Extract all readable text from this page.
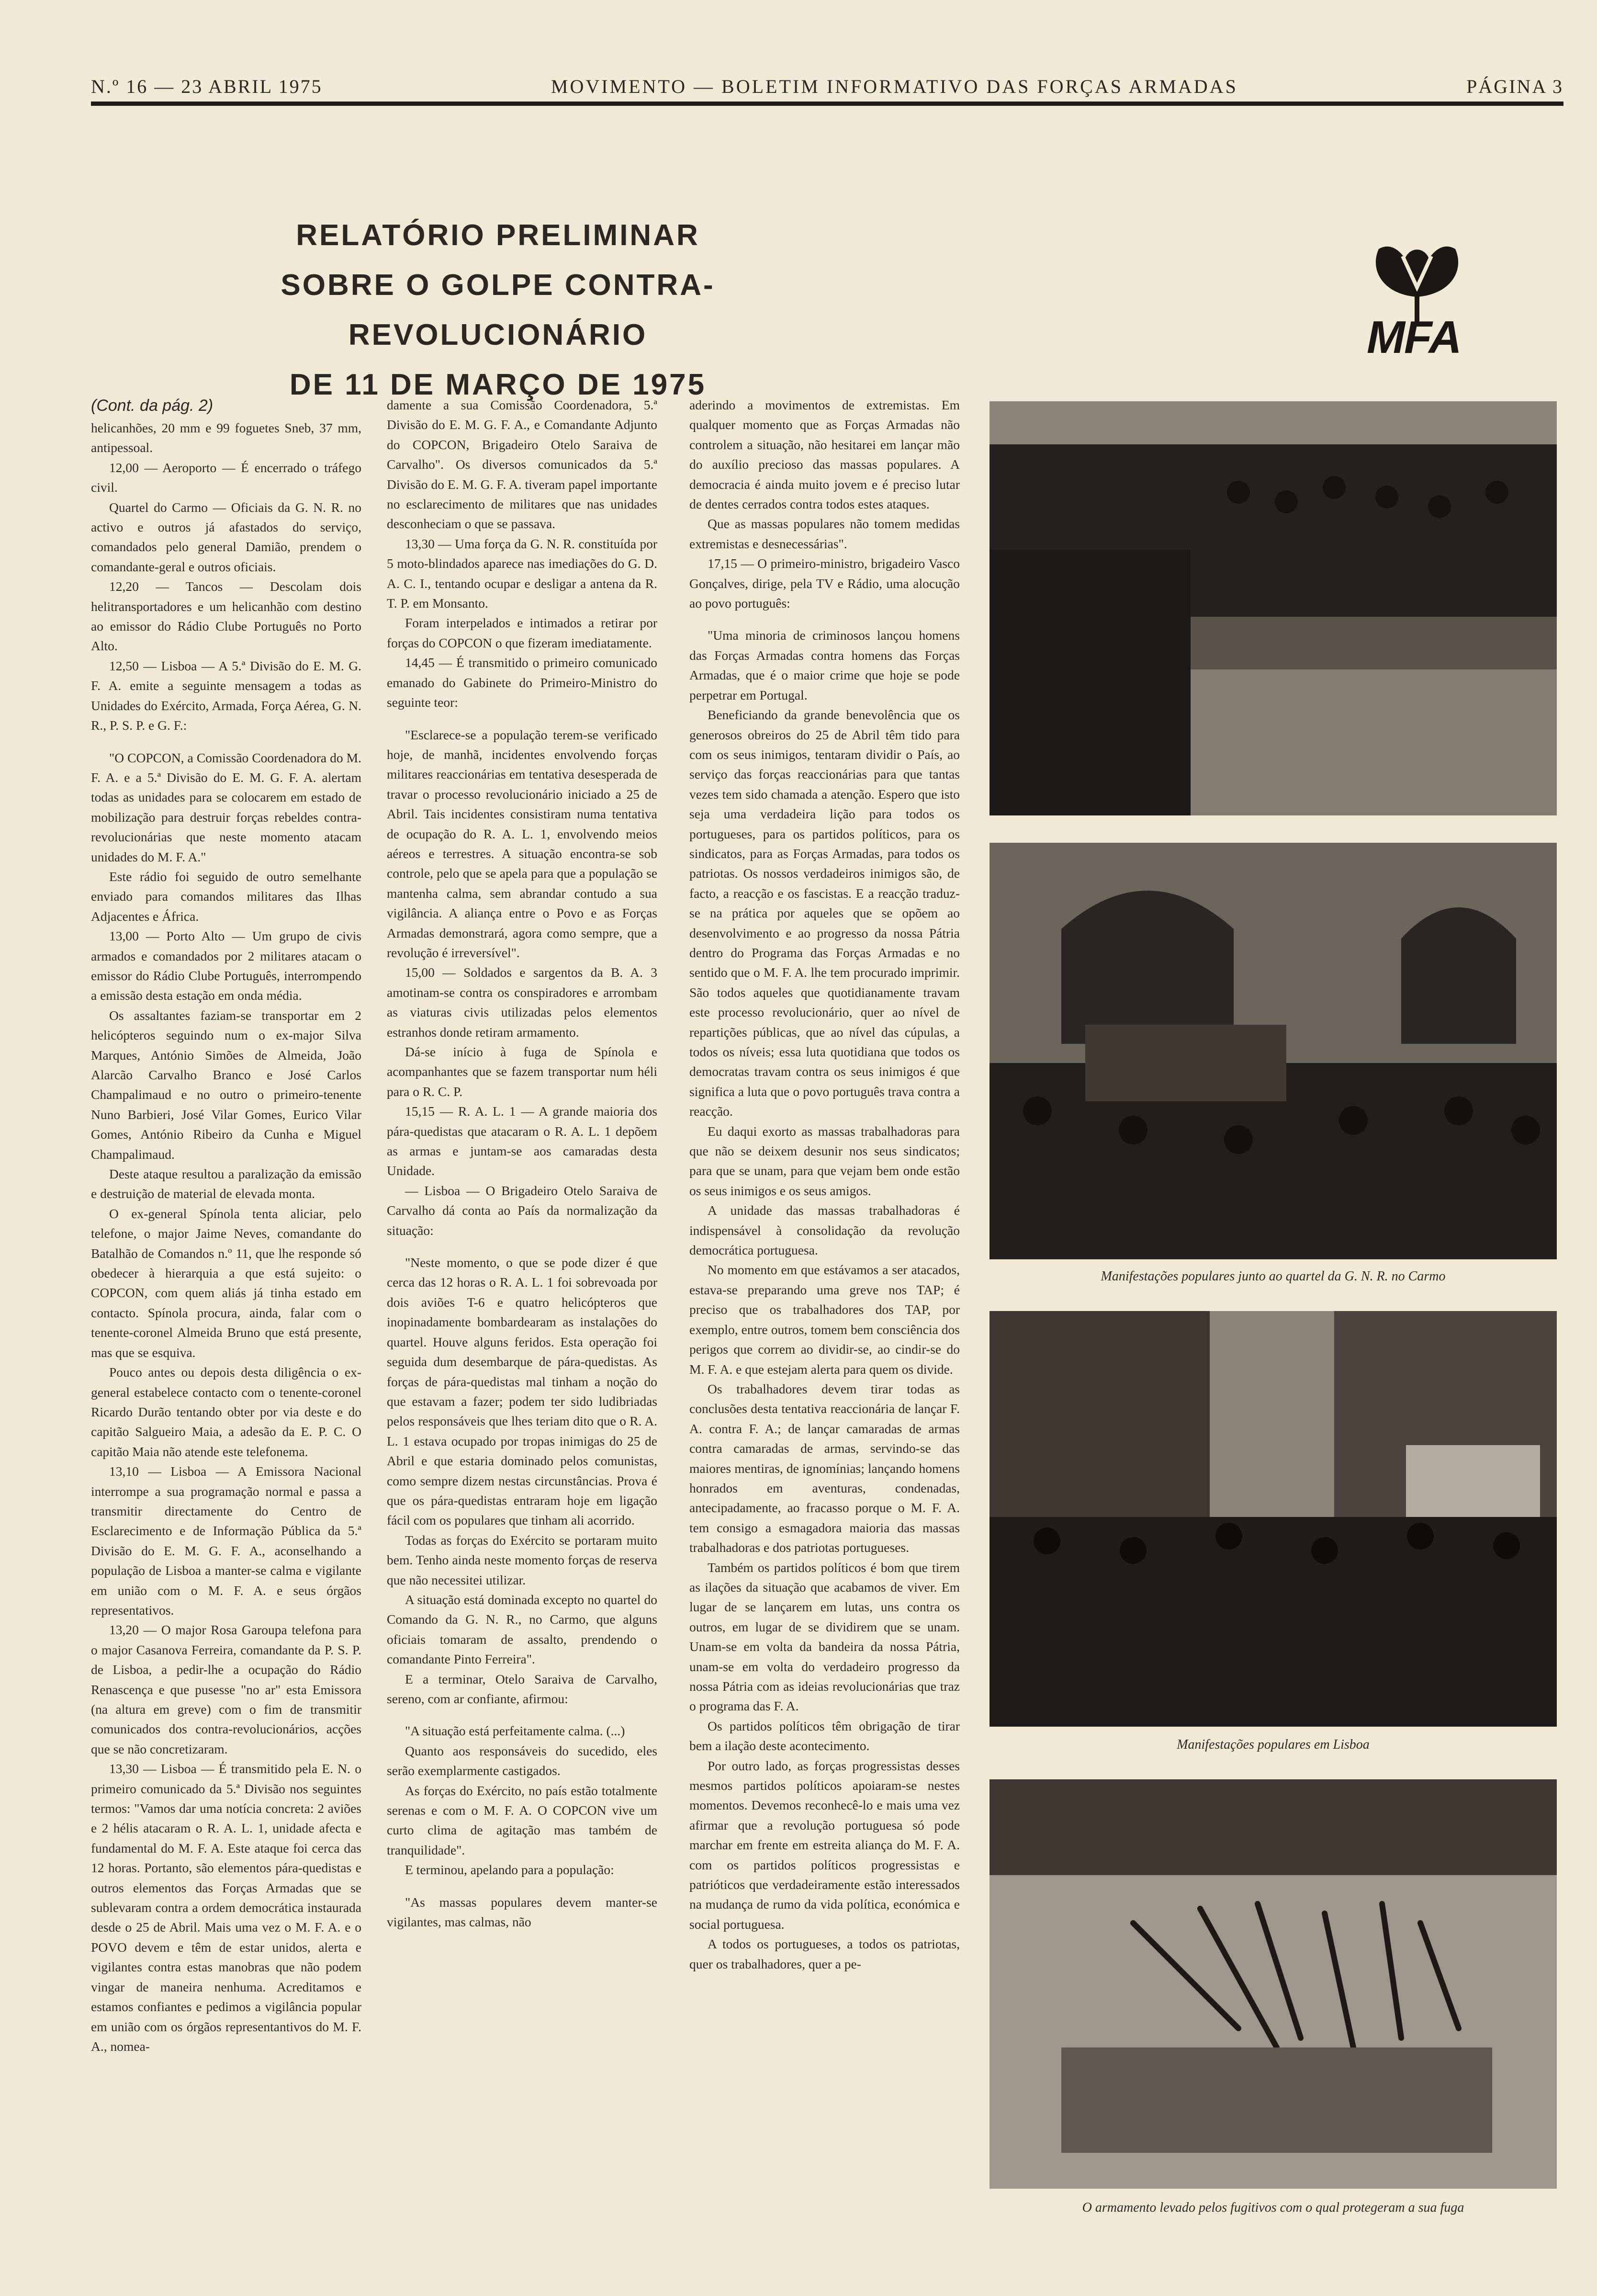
N.º 16 — 23 ABRIL 1975	MOVIMENTO — BOLETIM INFORMATIVO DAS FORÇAS ARMADAS	PÁGINA 3
RELATÓRIO PRELIMINAR
SOBRE O GOLPE CONTRA-REVOLUCIONÁRIO
DE 11 DE MARÇO DE 1975
MFA

(Cont. da pág. 2)

helicanhões, 20 mm e 99 foguetes Sneb, 37 mm, antipessoal.

12,00 — Aeroporto — É encerrado o tráfego civil.

Quartel do Carmo — Oficiais da G. N. R. no activo e outros já afastados do serviço, comandados pelo general Damião, prendem o comandante-geral e outros oficiais.

12,20 — Tancos — Descolam dois helitransportadores e um helicanhão com destino ao emissor do Rádio Clube Português no Porto Alto.

12,50 — Lisboa — A 5.ª Divisão do E. M. G. F. A. emite a seguinte mensagem a todas as Unidades do Exército, Armada, Força Aérea, G. N. R., P. S. P. e G. F.:

"O COPCON, a Comissão Coordenadora do M. F. A. e a 5.ª Divisão do E. M. G. F. A. alertam todas as unidades para se colocarem em estado de mobilização para destruir forças rebeldes contra-revolucionárias que neste momento atacam unidades do M. F. A."

Este rádio foi seguido de outro semelhante enviado para comandos militares das Ilhas Adjacentes e África.

13,00 — Porto Alto — Um grupo de civis armados e comandados por 2 militares atacam o emissor do Rádio Clube Português, interrompendo a emissão desta estação em onda média.

Os assaltantes faziam-se transportar em 2 helicópteros seguindo num o ex-major Silva Marques, António Simões de Almeida, João Alarcão Carvalho Branco e José Carlos Champalimaud e no outro o primeiro-tenente Nuno Barbieri, José Vilar Gomes, Eurico Vilar Gomes, António Ribeiro da Cunha e Miguel Champalimaud.

Deste ataque resultou a paralização da emissão e destruição de material de elevada monta.

O ex-general Spínola tenta aliciar, pelo telefone, o major Jaime Neves, comandante do Batalhão de Comandos n.º 11, que lhe responde só obedecer à hierarquia a que está sujeito: o COPCON, com quem aliás já tinha estado em contacto. Spínola procura, ainda, falar com o tenente-coronel Almeida Bruno que está presente, mas que se esquiva.

Pouco antes ou depois desta diligência o ex-general estabelece contacto com o tenente-coronel Ricardo Durão tentando obter por via deste e do capitão Salgueiro Maia, a adesão da E. P. C. O capitão Maia não atende este telefonema.

13,10 — Lisboa — A Emissora Nacional interrompe a sua programação normal e passa a transmitir directamente do Centro de Esclarecimento e de Informação Pública da 5.ª Divisão do E. M. G. F. A., aconselhando a população de Lisboa a manter-se calma e vigilante em união com o M. F. A. e seus órgãos representativos.

13,20 — O major Rosa Garoupa telefona para o major Casanova Ferreira, comandante da P. S. P. de Lisboa, a pedir-lhe a ocupação do Rádio Renascença e que pusesse "no ar" esta Emissora (na altura em greve) com o fim de transmitir comunicados dos contra-revolucionários, acções que se não concretizaram.

13,30 — Lisboa — É transmitido pela E. N. o primeiro comunicado da 5.ª Divisão nos seguintes termos: "Vamos dar uma notícia concreta: 2 aviões e 2 hélis atacaram o R. A. L. 1, unidade afecta e fundamental do M. F. A. Este ataque foi cerca das 12 horas. Portanto, são elementos pára-quedistas e outros elementos das Forças Armadas que se sublevaram contra a ordem democrática instaurada desde o 25 de Abril. Mais uma vez o M. F. A. e o POVO devem e têm de estar unidos, alerta e vigilantes contra estas manobras que não podem vingar de maneira nenhuma. Acreditamos e estamos confiantes e pedimos a vigilância popular em união com os órgãos representantivos do M. F. A., nomea-

damente a sua Comissão Coordenadora, 5.ª Divisão do E. M. G. F. A., e Comandante Adjunto do COPCON, Brigadeiro Otelo Saraiva de Carvalho". Os diversos comunicados da 5.ª Divisão do E. M. G. F. A. tiveram papel importante no esclarecimento de militares que nas unidades desconheciam o que se passava.

13,30 — Uma força da G. N. R. constituída por 5 moto-blindados aparece nas imediações do G. D. A. C. I., tentando ocupar e desligar a antena da R. T. P. em Monsanto.

Foram interpelados e intimados a retirar por forças do COPCON o que fizeram imediatamente.

14,45 — É transmitido o primeiro comunicado emanado do Gabinete do Primeiro-Ministro do seguinte teor:

"Esclarece-se a população terem-se verificado hoje, de manhã, incidentes envolvendo forças militares reaccionárias em tentativa desesperada de travar o processo revolucionário iniciado a 25 de Abril. Tais incidentes consistiram numa tentativa de ocupação do R. A. L. 1, envolvendo meios aéreos e terrestres. A situação encontra-se sob controle, pelo que se apela para que a população se mantenha calma, sem abrandar contudo a sua vigilância. A aliança entre o Povo e as Forças Armadas demonstrará, agora como sempre, que a revolução é irreversível".

15,00 — Soldados e sargentos da B. A. 3 amotinam-se contra os conspiradores e arrombam as viaturas civis utilizadas pelos elementos estranhos donde retiram armamento.

Dá-se início à fuga de Spínola e acompanhantes que se fazem transportar num héli para o R. C. P.

15,15 — R. A. L. 1 — A grande maioria dos pára-quedistas que atacaram o R. A. L. 1 depõem as armas e juntam-se aos camaradas desta Unidade.

— Lisboa — O Brigadeiro Otelo Saraiva de Carvalho dá conta ao País da normalização da situação:

"Neste momento, o que se pode dizer é que cerca das 12 horas o R. A. L. 1 foi sobrevoada por dois aviões T-6 e quatro helicópteros que inopinadamente bombardearam as instalações do quartel. Houve alguns feridos. Esta operação foi seguida dum desembarque de pára-quedistas. As forças de pára-quedistas mal tinham a noção do que estavam a fazer; podem ter sido ludibriadas pelos responsáveis que lhes teriam dito que o R. A. L. 1 estava ocupado por tropas inimigas do 25 de Abril e que estaria dominado pelos comunistas, como sempre dizem nestas circunstâncias. Prova é que os pára-quedistas entraram hoje em ligação fácil com os populares que tinham ali acorrido.

Todas as forças do Exército se portaram muito bem. Tenho ainda neste momento forças de reserva que não necessitei utilizar.

A situação está dominada excepto no quartel do Comando da G. N. R., no Carmo, que alguns oficiais tomaram de assalto, prendendo o comandante Pinto Ferreira".

E a terminar, Otelo Saraiva de Carvalho, sereno, com ar confiante, afirmou:

"A situação está perfeitamente calma. (...)

Quanto aos responsáveis do sucedido, eles serão exemplarmente castigados.

As forças do Exército, no país estão totalmente serenas e com o M. F. A. O COPCON vive um curto clima de agitação mas também de tranquilidade".

E terminou, apelando para a população:

"As massas populares devem manter-se vigilantes, mas calmas, não

aderindo a movimentos de extremistas. Em qualquer momento que as Forças Armadas não controlem a situação, não hesitarei em lançar mão do auxílio precioso das massas populares. A democracia é ainda muito jovem e é preciso lutar de dentes cerrados contra todos estes ataques.

Que as massas populares não tomem medidas extremistas e desnecessárias".

17,15 — O primeiro-ministro, brigadeiro Vasco Gonçalves, dirige, pela TV e Rádio, uma alocução ao povo português:

"Uma minoria de criminosos lançou homens das Forças Armadas contra homens das Forças Armadas, que é o maior crime que hoje se pode perpetrar em Portugal.

Beneficiando da grande benevolência que os generosos obreiros do 25 de Abril têm tido para com os seus inimigos, tentaram dividir o País, ao serviço das forças reaccionárias para que tantas vezes tem sido chamada a atenção. Espero que isto seja uma verdadeira lição para todos os portugueses, para os partidos políticos, para os sindicatos, para as Forças Armadas, para todos os patriotas. Os nossos verdadeiros inimigos são, de facto, a reacção e os fascistas. E a reacção traduz-se na prática por aqueles que se opõem ao desenvolvimento e ao progresso da nossa Pátria dentro do Programa das Forças Armadas e no sentido que o M. F. A. lhe tem procurado imprimir. São todos aqueles que quotidianamente travam este processo revolucionário, quer ao nível de repartições públicas, que ao nível das cúpulas, a todos os níveis; essa luta quotidiana que todos os democratas travam contra os seus inimigos é que significa a luta que o povo português trava contra a reacção.

Eu daqui exorto as massas trabalhadoras para que não se deixem desunir nos seus sindicatos; para que se unam, para que vejam bem onde estão os seus inimigos e os seus amigos.

A unidade das massas trabalhadoras é indispensável à consolidação da revolução democrática portuguesa.

No momento em que estávamos a ser atacados, estava-se preparando uma greve nos TAP; é preciso que os trabalhadores dos TAP, por exemplo, entre outros, tomem bem consciência dos perigos que correm ao dividir-se, ao cindir-se do M. F. A. e que estejam alerta para quem os divide.

Os trabalhadores devem tirar todas as conclusões desta tentativa reaccionária de lançar F. A. contra F. A.; de lançar camaradas de armas contra camaradas de armas, servindo-se das maiores mentiras, de ignomínias; lançando homens honrados em aventuras, condenadas, antecipadamente, ao fracasso porque o M. F. A. tem consigo a esmagadora maioria das massas trabalhadoras e dos patriotas portugueses.

Também os partidos políticos é bom que tirem as ilações da situação que acabamos de viver. Em lugar de se lançarem em lutas, uns contra os outros, em lugar de se dividirem que se unam. Unam-se em volta da bandeira da nossa Pátria, unam-se em volta do verdadeiro progresso da nossa Pátria com as ideias revolucionárias que traz o programa das F. A.

Os partidos políticos têm obrigação de tirar bem a ilação deste acontecimento.

Por outro lado, as forças progressistas desses mesmos partidos políticos apoiaram-se nestes momentos. Devemos reconhecê-lo e mais uma vez afirmar que a revolução portuguesa só pode marchar em frente em estreita aliança do M. F. A. com os partidos políticos progressistas e patrióticos que verdadeiramente estão interessados na mudança de rumo da vida política, económica e social portuguesa.

A todos os portugueses, a todos os patriotas, quer os trabalhadores, quer a pe-

Manifestações populares junto ao quartel da G. N. R. no Carmo
Manifestações populares em Lisboa
O armamento levado pelos fugitivos com o qual protegeram a sua fuga
